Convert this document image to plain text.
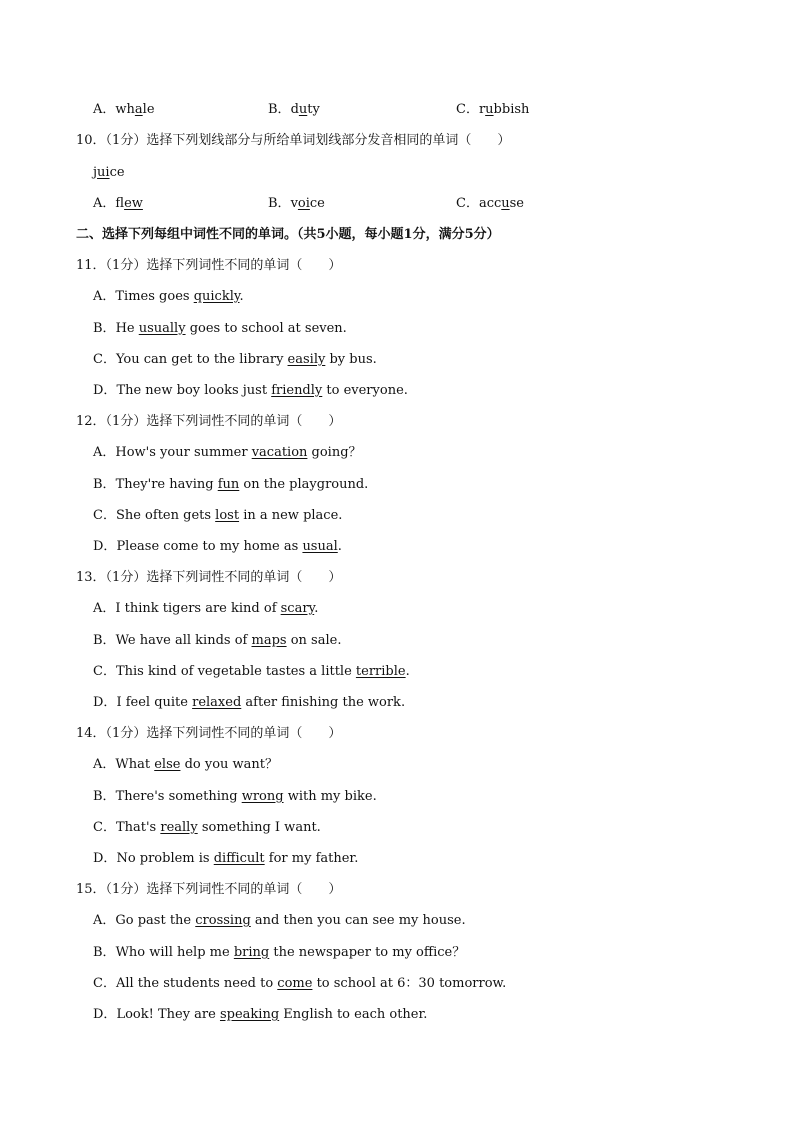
A．whale	B．duty	C．rubbish
10．（1分）选择下列划线部分与所给单词划线部分发音相同的单词（　　）
juice
A．flew	B．voice	C．accuse
二、选择下列每组中词性不同的单词。（共5小题，每小题1分，满分5分）
11．（1分）选择下列词性不同的单词（　　）
A．Times goes quickly.
B．He usually goes to school at seven.
C．You can get to the library easily by bus.
D．The new boy looks just friendly to everyone.
12．（1分）选择下列词性不同的单词（　　）
A．How's your summer vacation going？
B．They're having fun on the playground.
C．She often gets lost in a new place.
D．Please come to my home as usual.
13．（1分）选择下列词性不同的单词（　　）
A．I think tigers are kind of scary.
B．We have all kinds of maps on sale.
C．This kind of vegetable tastes a little terrible.
D．I feel quite relaxed after finishing the work.
14．（1分）选择下列词性不同的单词（　　）
A．What else do you want？
B．There's something wrong with my bike.
C．That's really something I want.
D．No problem is difficult for my father.
15．（1分）选择下列词性不同的单词（　　）
A．Go past the crossing and then you can see my house.
B．Who will help me bring the newspaper to my office？
C．All the students need to come to school at 6：30 tomorrow.
D．Look! They are speaking English to each other.
